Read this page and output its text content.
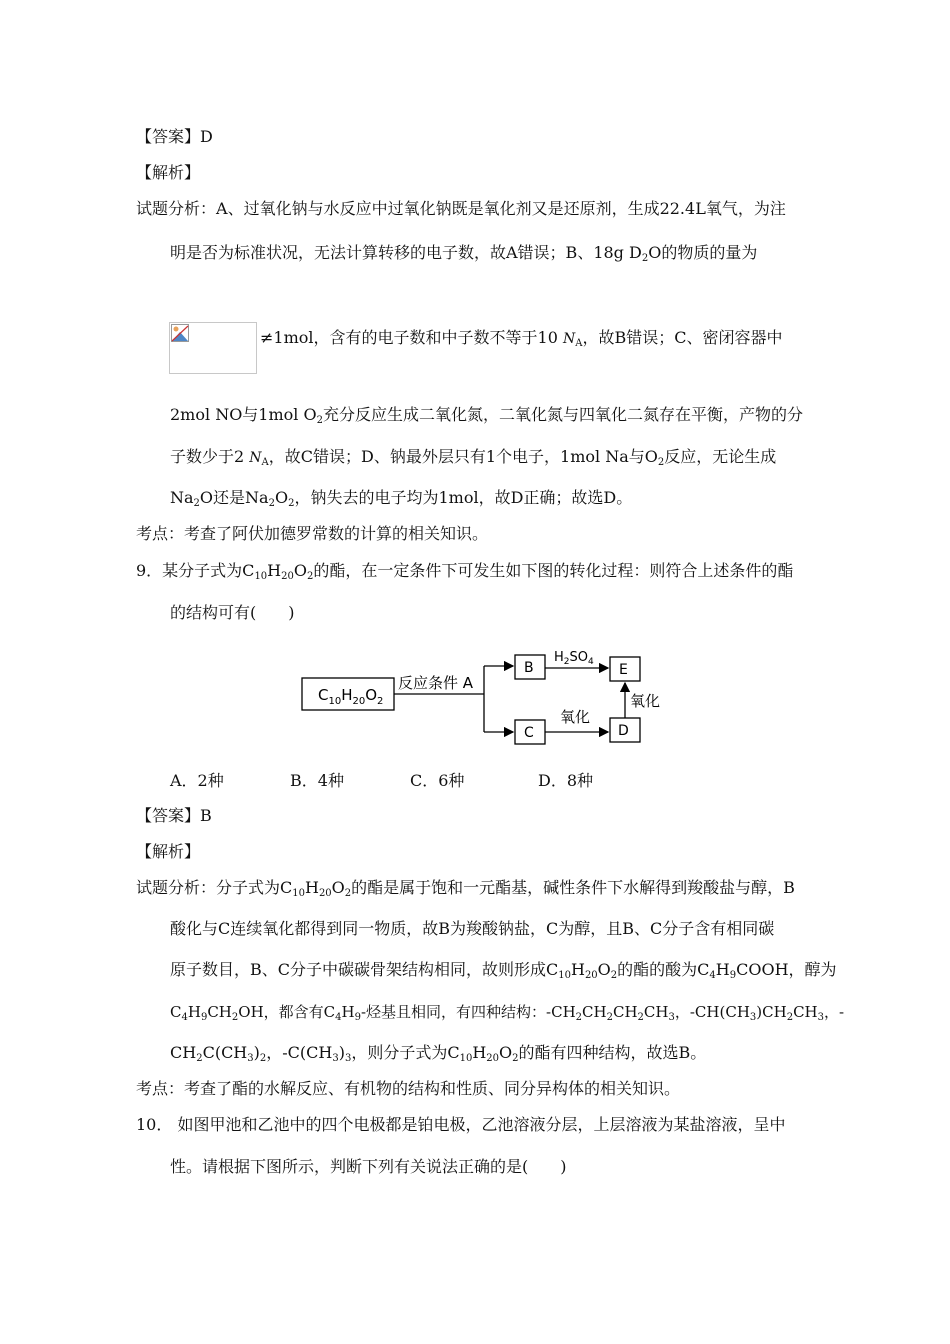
【答案】D
【解析】
试题分析：A、过氧化钠与水反应中过氧化钠既是氧化剂又是还原剂，生成22.4L氧气，为注
明是否为标准状况，无法计算转移的电子数，故A错误；B、18g $D_2O$的物质的量为
≠1mol，含有的电子数和中子数不等于10 $N_A$，故B错误；C、密闭容器中
2mol NO与1mol $O_2$充分反应生成二氧化氮，二氧化氮与四氧化二氮存在平衡，产物的分
子数少于2 $N_A$，故C错误；D、钠最外层只有1个电子，1mol Na与$O_2$反应，无论生成
$Na_2O$还是$Na_2O_2$，钠失去的电子均为1mol，故D正确；故选D。
考点：考查了阿伏加德罗常数的计算的相关知识。
9．某分子式为$C_{10}H_{20}O_2$的酯，在一定条件下可发生如下图的转化过程：则符合上述条件的酯
的结构可有(　　)
$C_{10}H_{20}O_2$
反应条件 A
B
C
$H_2SO_4$ E
氧化
D
氧化
A．2种	B．4种	C．6种	D．8种
【答案】B
【解析】
试题分析：分子式为$C_{10}H_{20}O_2$的酯是属于饱和一元酯基，碱性条件下水解得到羧酸盐与醇，B
酸化与C连续氧化都得到同一物质，故B为羧酸钠盐，C为醇，且B、C分子含有相同碳
原子数目，B、C分子中碳碳骨架结构相同，故则形成$C_{10}H_{20}O_2$的酯的酸为$C_4H_9COOH$，醇为
$C_4H_9CH_2OH$，都含有$C_4H_9-$烃基且相同，有四种结构：$-CH_2CH_2CH_2CH_3$，$-CH(CH_3)CH_2CH_3$，-
$CH_2C(CH_3)_2$，$-C(CH_3)_3$，则分子式为$C_{10}H_{20}O_2$的酯有四种结构，故选B。
考点：考查了酯的水解反应、有机物的结构和性质、同分异构体的相关知识。
10． 如图甲池和乙池中的四个电极都是铂电极，乙池溶液分层，上层溶液为某盐溶液，呈中
性。请根据下图所示，判断下列有关说法正确的是(　　)
